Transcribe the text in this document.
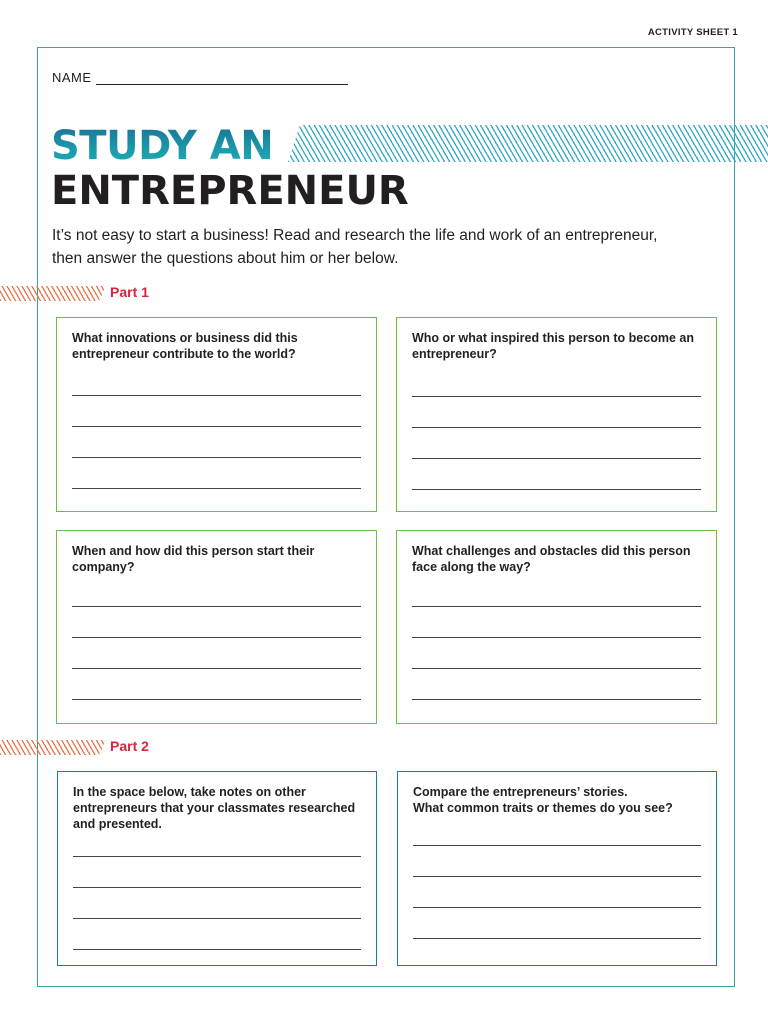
ACTIVITY SHEET 1
NAME
STUDY AN
ENTREPRENEUR

It’s not easy to start a business! Read and research the life and work of an entrepreneur, then answer the questions about him or her below.

Part 1

What innovations or business did this entrepreneur contribute to the world?

Who or what inspired this person to become an entrepreneur?

When and how did this person start their company?

What challenges and obstacles did this person face along the way?

Part 2

In the space below, take notes on other entrepreneurs that your classmates researched and presented.

Compare the entrepreneurs’ stories.
What common traits or themes do you see?
